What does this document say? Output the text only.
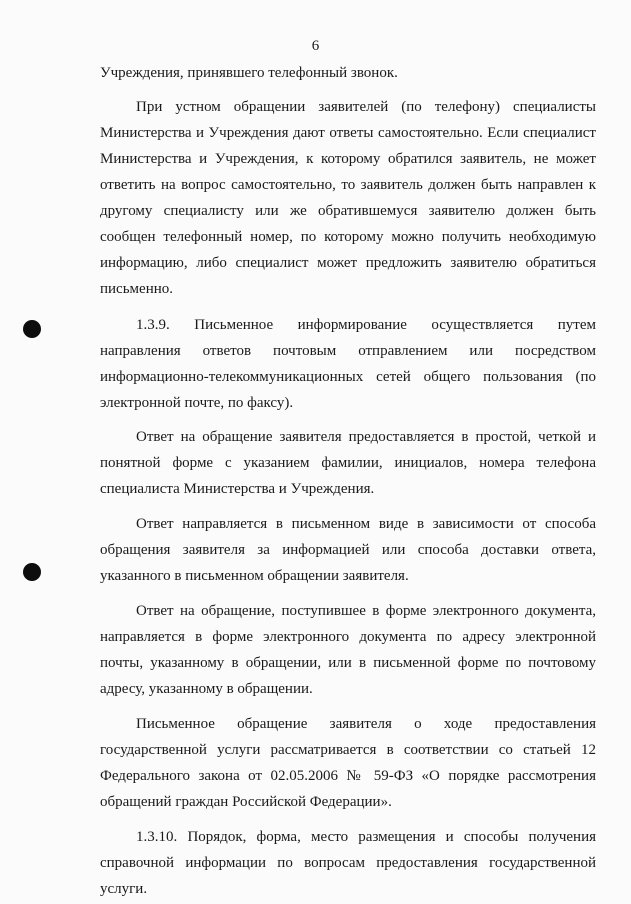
6

Учреждения, принявшего телефонный звонок.

При устном обращении заявителей (по телефону) специалисты Министерства и Учреждения дают ответы самостоятельно. Если специалист Министерства и Учреждения, к которому обратился заявитель, не может ответить на вопрос самостоятельно, то заявитель должен быть направлен к другому специалисту или же обратившемуся заявителю должен быть сообщен телефонный номер, по которому можно получить необходимую информацию, либо специалист может предложить заявителю обратиться письменно.

1.3.9. Письменное информирование осуществляется путем направления ответов почтовым отправлением или посредством информационно-телекоммуникационных сетей общего пользования (по электронной почте, по факсу).

Ответ на обращение заявителя предоставляется в простой, четкой и понятной форме с указанием фамилии, инициалов, номера телефона специалиста Министерства и Учреждения.

Ответ направляется в письменном виде в зависимости от способа обращения заявителя за информацией или способа доставки ответа, указанного в письменном обращении заявителя.

Ответ на обращение, поступившее в форме электронного документа, направляется в форме электронного документа по адресу электронной почты, указанному в обращении, или в письменной форме по почтовому адресу, указанному в обращении.

Письменное обращение заявителя о ходе предоставления государственной услуги рассматривается в соответствии со статьей 12 Федерального закона от 02.05.2006 № 59-ФЗ «О порядке рассмотрения обращений граждан Российской Федерации».

1.3.10. Порядок, форма, место размещения и способы получения справочной информации по вопросам предоставления государственной услуги.
